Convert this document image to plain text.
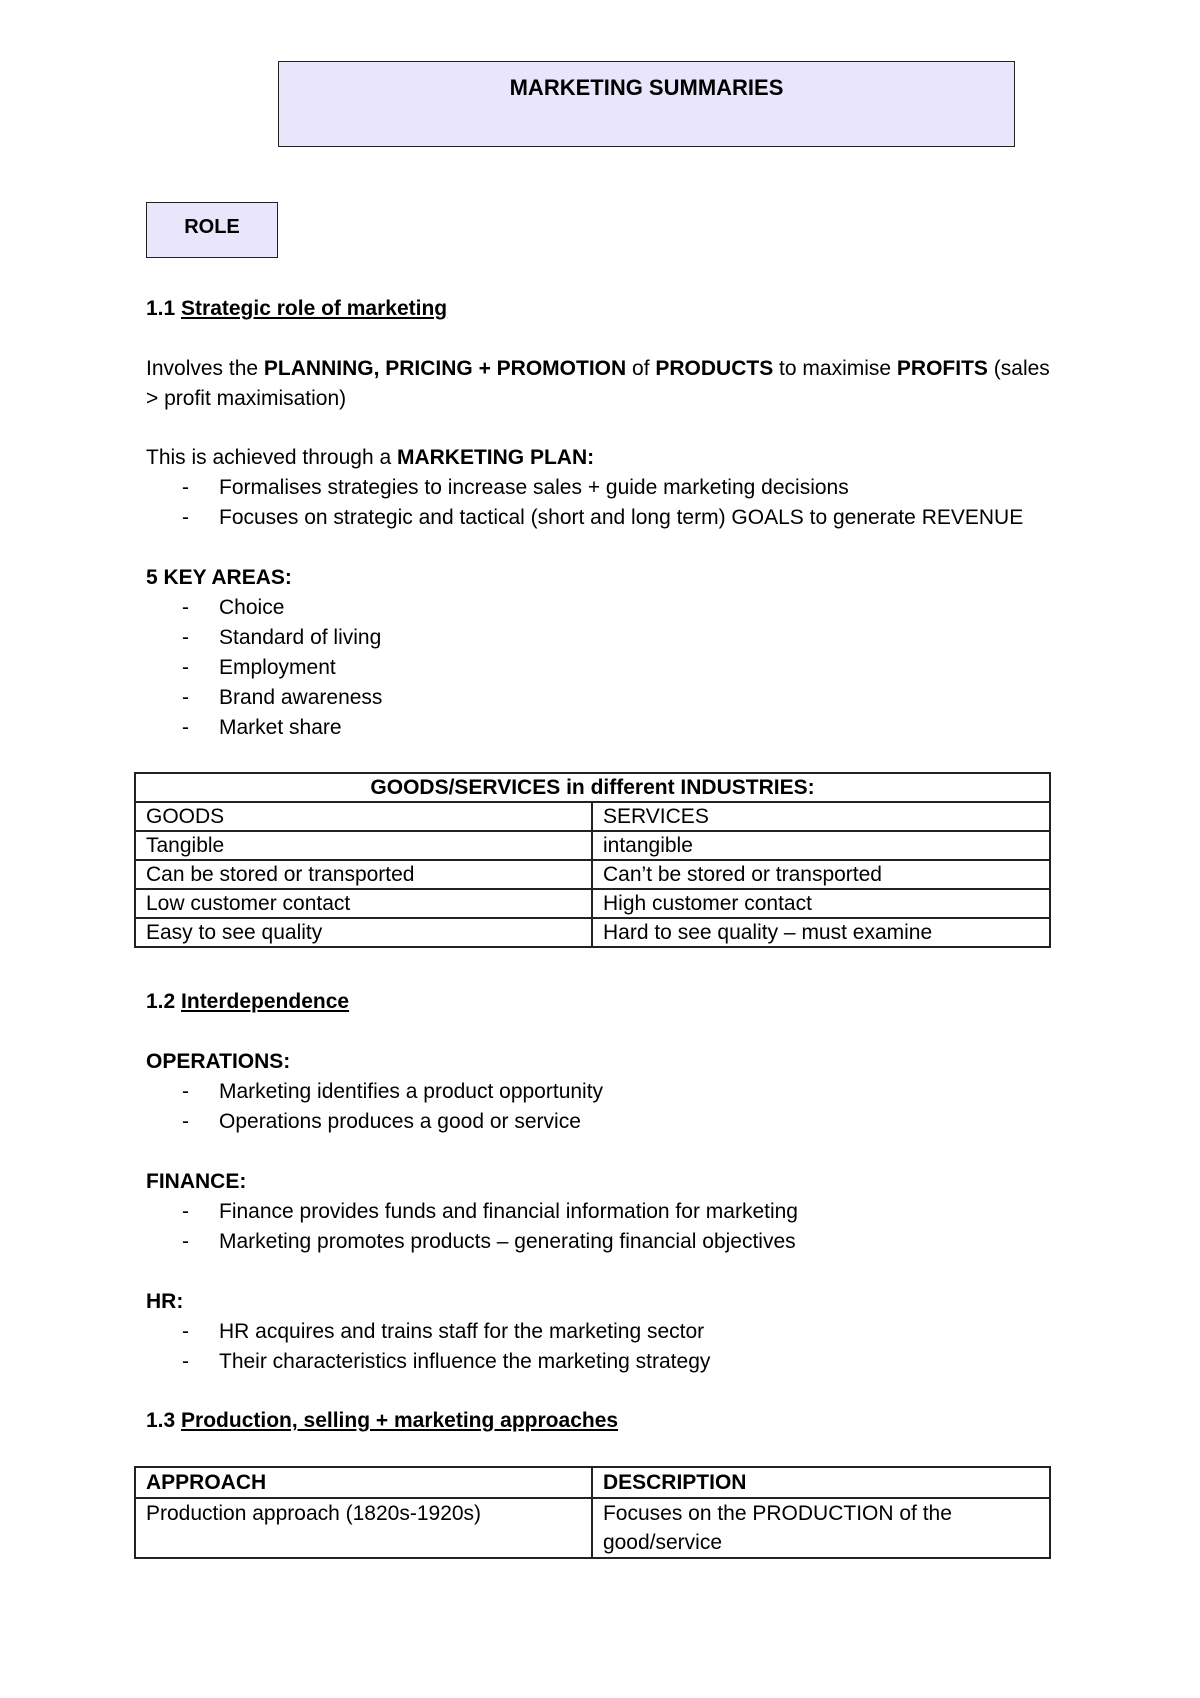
MARKETING SUMMARIES
ROLE
1.1 Strategic role of marketing
Involves the PLANNING, PRICING + PROMOTION of PRODUCTS to maximise PROFITS (sales
> profit maximisation)
This is achieved through a MARKETING PLAN:
- Formalises strategies to increase sales + guide marketing decisions
- Focuses on strategic and tactical (short and long term) GOALS to generate REVENUE
5 KEY AREAS:
- Choice
- Standard of living
- Employment
- Brand awareness
- Market share
GOODS/SERVICES in different INDUSTRIES:	
GOODS	SERVICES
Tangible	intangible
Can be stored or transported	Can’t be stored or transported
Low customer contact	High customer contact
Easy to see quality	Hard to see quality – must examine
1.2 Interdependence
OPERATIONS:
- Marketing identifies a product opportunity
- Operations produces a good or service
FINANCE:
- Finance provides funds and financial information for marketing
- Marketing promotes products – generating financial objectives
HR:
- HR acquires and trains staff for the marketing sector
- Their characteristics influence the marketing strategy
1.3 Production, selling + marketing approaches
APPROACH	DESCRIPTION
Production approach (1820s-1920s)	Focuses on the PRODUCTION of the
good/service
